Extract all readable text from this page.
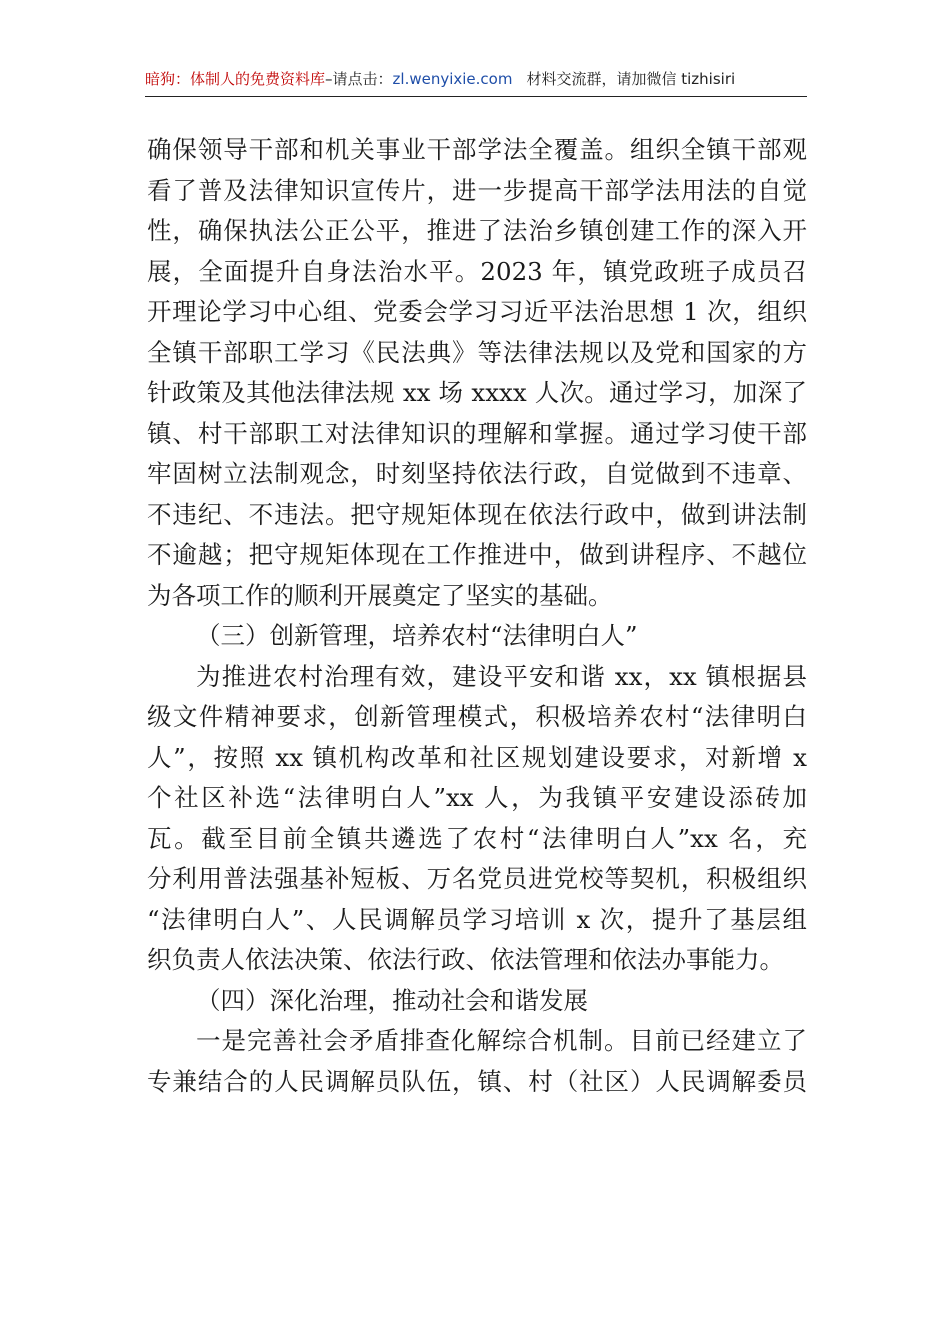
暗狗：体制人的免费资料库–请点击：zl.wenyixie.com 材料交流群，请加微信 tizhisiri
确保领导干部和机关事业干部学法全覆盖。组织全镇干部观
看了普及法律知识宣传片，进一步提高干部学法用法的自觉
性，确保执法公正公平，推进了法治乡镇创建工作的深入开
展，全面提升自身法治水平。2023 年，镇党政班子成员召
开理论学习中心组、党委会学习习近平法治思想 1 次，组织
全镇干部职工学习《民法典》等法律法规以及党和国家的方
针政策及其他法律法规 xx 场 xxxx 人次。通过学习，加深了
镇、村干部职工对法律知识的理解和掌握。通过学习使干部
牢固树立法制观念，时刻坚持依法行政，自觉做到不违章、
不违纪、不违法。把守规矩体现在依法行政中，做到讲法制
不逾越；把守规矩体现在工作推进中，做到讲程序、不越位
为各项工作的顺利开展奠定了坚实的基础。
（三）创新管理，培养农村“法律明白人”
为推进农村治理有效，建设平安和谐 xx，xx 镇根据县
级文件精神要求，创新管理模式，积极培养农村“法律明白
人”，按照 xx 镇机构改革和社区规划建设要求，对新增 x
个社区补选“法律明白人”xx 人，为我镇平安建设添砖加
瓦。截至目前全镇共遴选了农村“法律明白人”xx 名，充
分利用普法强基补短板、万名党员进党校等契机，积极组织
“法律明白人”、人民调解员学习培训 x 次，提升了基层组
织负责人依法决策、依法行政、依法管理和依法办事能力。
（四）深化治理，推动社会和谐发展
一是完善社会矛盾排查化解综合机制。目前已经建立了
专兼结合的人民调解员队伍，镇、村（社区）人民调解委员
